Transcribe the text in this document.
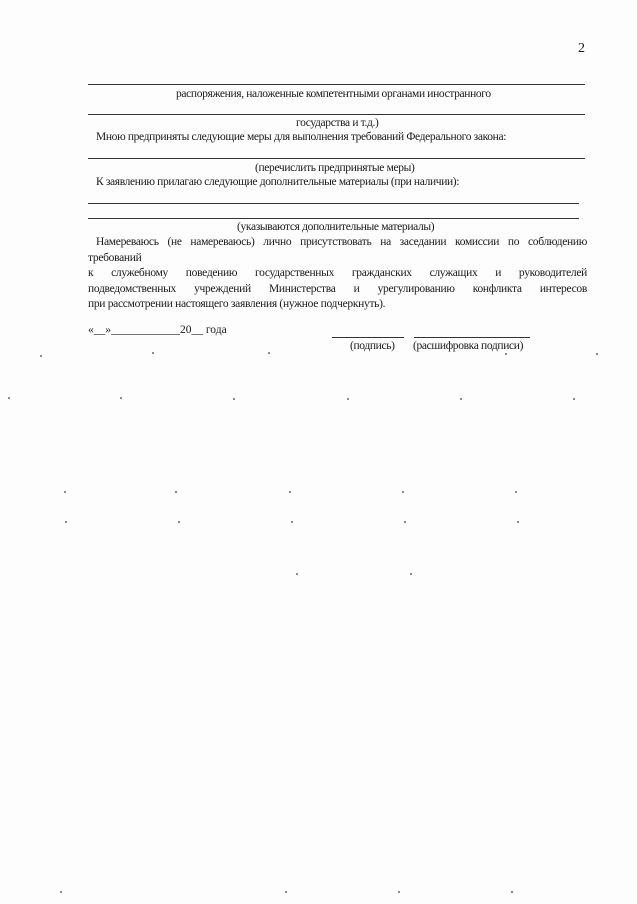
2
распоряжения, наложенные компетентными органами иностранного
государства и т.д.)
Мною предприняты следующие меры для выполнения требований Федерального закона:
(перечислить предпринятые меры)
К заявлению прилагаю следующие дополнительные материалы (при наличии):
(указываются дополнительные материалы)
Намереваюсь (не намереваюсь) лично присутствовать на заседании комиссии по соблюдению требований
к служебному поведению государственных гражданских служащих и руководителей
подведомственных учреждений Министерства и урегулированию конфликта интересов
при рассмотрении настоящего заявления (нужное подчеркнуть).
«__»____________20__ года
(подпись) (расшифровка подписи)
